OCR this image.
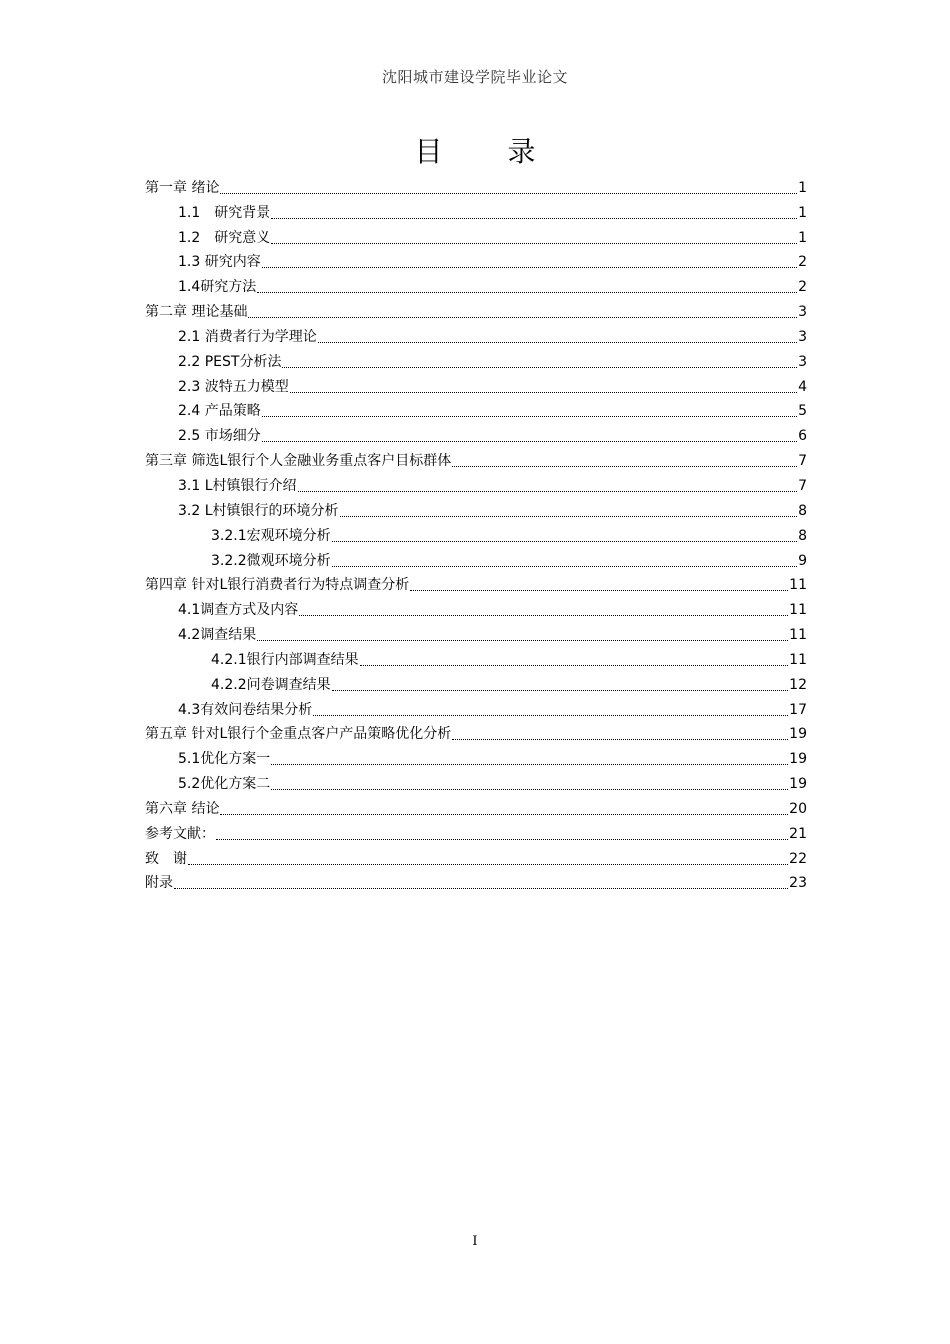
沈阳城市建设学院毕业论文
目 录
第一章 绪论	1
1.1　研究背景	1
1.2　研究意义	1
1.3 研究内容	2
1.4研究方法	2
第二章 理论基础	3
2.1 消费者行为学理论	3
2.2 PEST分析法	3
2.3 波特五力模型	4
2.4 产品策略	5
2.5 市场细分	6
第三章 筛选L银行个人金融业务重点客户目标群体	7
3.1 L村镇银行介绍	7
3.2 L村镇银行的环境分析	8
3.2.1宏观环境分析	8
3.2.2微观环境分析	9
第四章 针对L银行消费者行为特点调查分析	11
4.1调查方式及内容	11
4.2调查结果	11
4.2.1银行内部调查结果	11
4.2.2问卷调查结果	12
4.3有效问卷结果分析	17
第五章 针对L银行个金重点客户产品策略优化分析	19
5.1优化方案一	19
5.2优化方案二	19
第六章 结论	20
参考文献：	21
致　谢	22
附录	23
I
